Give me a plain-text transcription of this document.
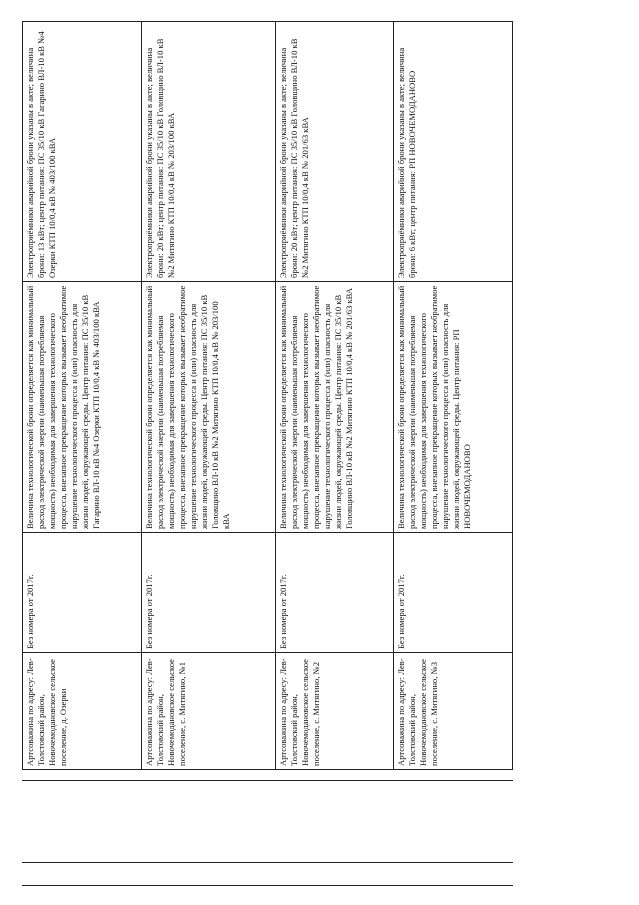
Артсоважина по адресу: Лев-Толстовский район, Новочемодановское сельское поселение, д. Озерки	Без номера от 2017г.	Величина технологической брони определяется как минимальный расход электрической энергии (наименьшая потребляемая мощность) необходимая для завершения технологического процесса, внезапное прекращение которых вызывает необратимое нарушение технологического процесса и (или) опасность для жизни людей, окружающей среды. Центр питания: ПС 35/10 кВ Гагарино ВЛ-10 кВ №4 Озерки КТП 10/0,4 кВ № 403/100 кВА	Электроприёмники аварийной брони указаны в акте; величина брони: 13 кВт; центр питания: ПС 35/10 кВ Гагарино ВЛ-10 кВ №4 Озерки КТП 10/0,4 кВ № 403/100 кВА
Артсоважина по адресу: Лев-Толстовский район, Новочемодановское сельское поселение, с. Митягино, №1	Без номера от 2017г.	Величина технологической брони определяется как минимальный расход электрической энергии (наименьшая потребляемая мощность) необходимая для завершения технологического процесса, внезапное прекращение которых вызывает необратимое нарушение технологического процесса и (или) опасность для жизни людей, окружающей среды. Центр питания: ПС 35/10 кВ Головщино ВЛ-10 кВ №2 Митягино КТП 10/0,4 кВ № 203/100 кВА	Электроприёмники аварийной брони указаны в акте; величина брони: 20 кВт; центр питания: ПС 35/10 кВ Головщино ВЛ-10 кВ №2 Митягино КТП 10/0,4 кВ № 203/100 кВА
Артсоважина по адресу: Лев-Толстовский район, Новочемодановское сельское поселение, с. Митягино, №2	Без номера от 2017г.	Величина технологической брони определяется как минимальный расход электрической энергии (наименьшая потребляемая мощность) необходимая для завершения технологического процесса, внезапное прекращение которых вызывает необратимое нарушение технологического процесса и (или) опасность для жизни людей, окружающей среды. Центр питания: ПС 35/10 кВ Головщино ВЛ-10 кВ №2 Митягино КТП 10/0,4 кВ № 201/63 кВА	Электроприёмники аварийной брони указаны в акте; величина брони: 20 кВт; центр питания: ПС 35/10 кВ Головщино ВЛ-10 кВ №2 Митягино КТП 10/0,4 кВ № 201/63 кВА
Артсоважина по адресу: Лев-Толстовский район, Новочемодановское сельское поселение, с. Митягино, №3	Без номера от 2017г.	Величина технологической брони определяется как минимальный расход электрической энергии (наименьшая потребляемая мощность) необходимая для завершения технологического процесса, внезапное прекращение которых вызывает необратимое нарушение технологического процесса и (или) опасность для жизни людей, окружающей среды. Центр питания: РП НОВОЧЕМОДАНОВО	Электроприёмники аварийной брони указаны в акте; величина брони: 6 кВт; центр питания: РП НОВОЧЕМОДАНОВО
